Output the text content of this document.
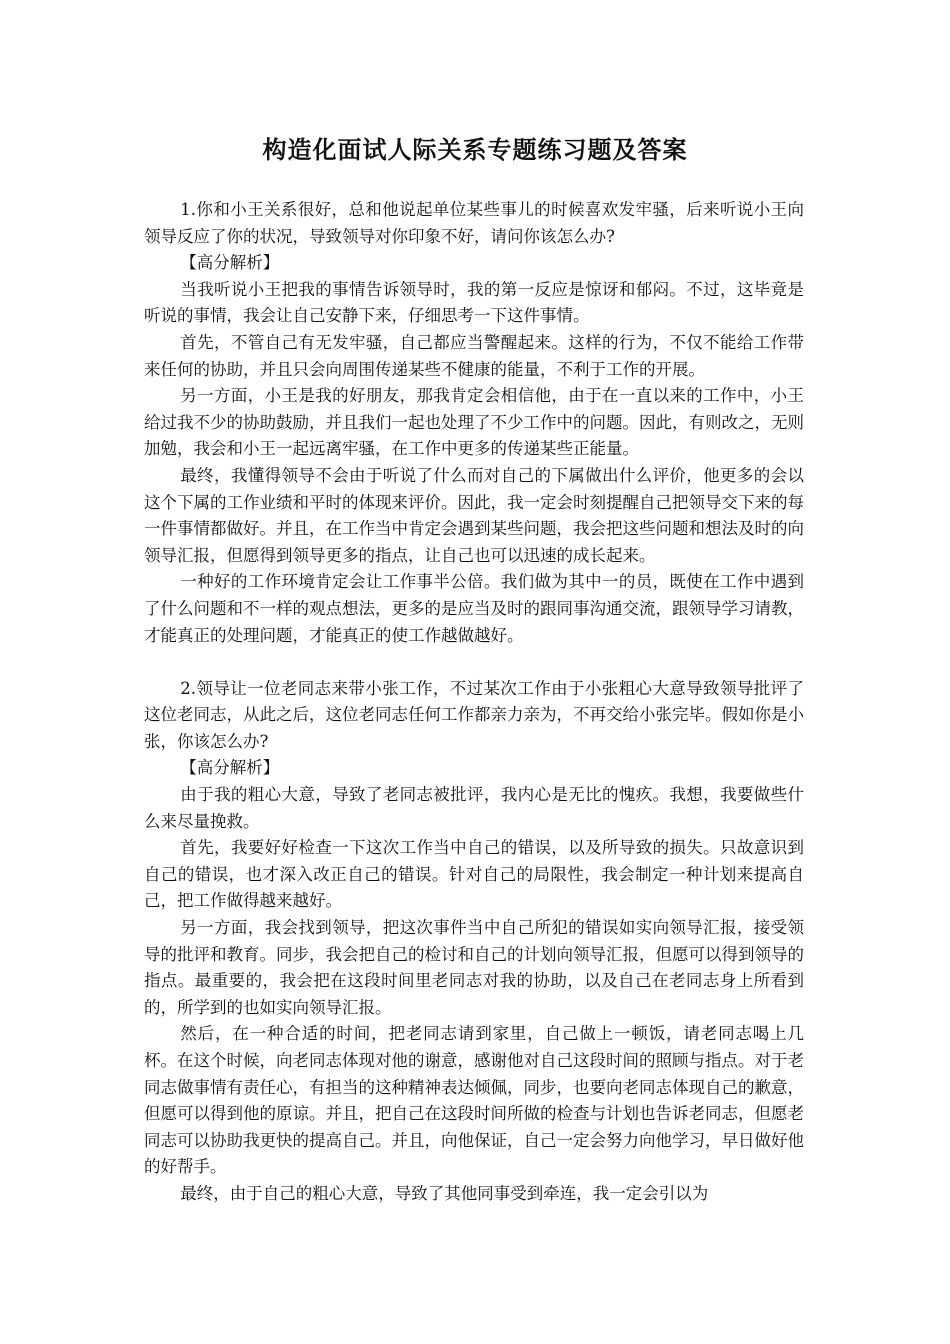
构造化面试人际关系专题练习题及答案

1.你和小王关系很好，总和他说起单位某些事儿的时候喜欢发牢骚，后来听说小王向领导反应了你的状况，导致领导对你印象不好，请问你该怎么办?

【高分解析】

当我听说小王把我的事情告诉领导时，我的第一反应是惊讶和郁闷。不过，这毕竟是听说的事情，我会让自己安静下来，仔细思考一下这件事情。

首先，不管自己有无发牢骚，自己都应当警醒起来。这样的行为，不仅不能给工作带来任何的协助，并且只会向周围传递某些不健康的能量，不利于工作的开展。

另一方面，小王是我的好朋友，那我肯定会相信他，由于在一直以来的工作中，小王给过我不少的协助鼓励，并且我们一起也处理了不少工作中的问题。因此，有则改之，无则加勉，我会和小王一起远离牢骚，在工作中更多的传递某些正能量。

最终，我懂得领导不会由于听说了什么而对自己的下属做出什么评价，他更多的会以这个下属的工作业绩和平时的体现来评价。因此，我一定会时刻提醒自己把领导交下来的每一件事情都做好。并且，在工作当中肯定会遇到某些问题，我会把这些问题和想法及时的向领导汇报，但愿得到领导更多的指点，让自己也可以迅速的成长起来。

一种好的工作环境肯定会让工作事半公倍。我们做为其中一的员，既使在工作中遇到了什么问题和不一样的观点想法，更多的是应当及时的跟同事沟通交流，跟领导学习请教，才能真正的处理问题，才能真正的使工作越做越好。

2.领导让一位老同志来带小张工作，不过某次工作由于小张粗心大意导致领导批评了这位老同志，从此之后，这位老同志任何工作都亲力亲为，不再交给小张完毕。假如你是小张，你该怎么办?

【高分解析】

由于我的粗心大意，导致了老同志被批评，我内心是无比的愧疚。我想，我要做些什么来尽量挽救。

首先，我要好好检查一下这次工作当中自己的错误，以及所导致的损失。只故意识到自己的错误，也才深入改正自己的错误。针对自己的局限性，我会制定一种计划来提高自己，把工作做得越来越好。

另一方面，我会找到领导，把这次事件当中自己所犯的错误如实向领导汇报，接受领导的批评和教育。同步，我会把自己的检讨和自己的计划向领导汇报，但愿可以得到领导的指点。最重要的，我会把在这段时间里老同志对我的协助，以及自己在老同志身上所看到的，所学到的也如实向领导汇报。

然后，在一种合适的时间，把老同志请到家里，自己做上一顿饭，请老同志喝上几杯。在这个时候，向老同志体现对他的谢意，感谢他对自己这段时间的照顾与指点。对于老同志做事情有责任心，有担当的这种精神表达倾佩，同步，也要向老同志体现自己的歉意，但愿可以得到他的原谅。并且，把自己在这段时间所做的检查与计划也告诉老同志，但愿老同志可以协助我更快的提高自己。并且，向他保证，自己一定会努力向他学习，早日做好他的好帮手。

最终，由于自己的粗心大意，导致了其他同事受到牵连，我一定会引以为
